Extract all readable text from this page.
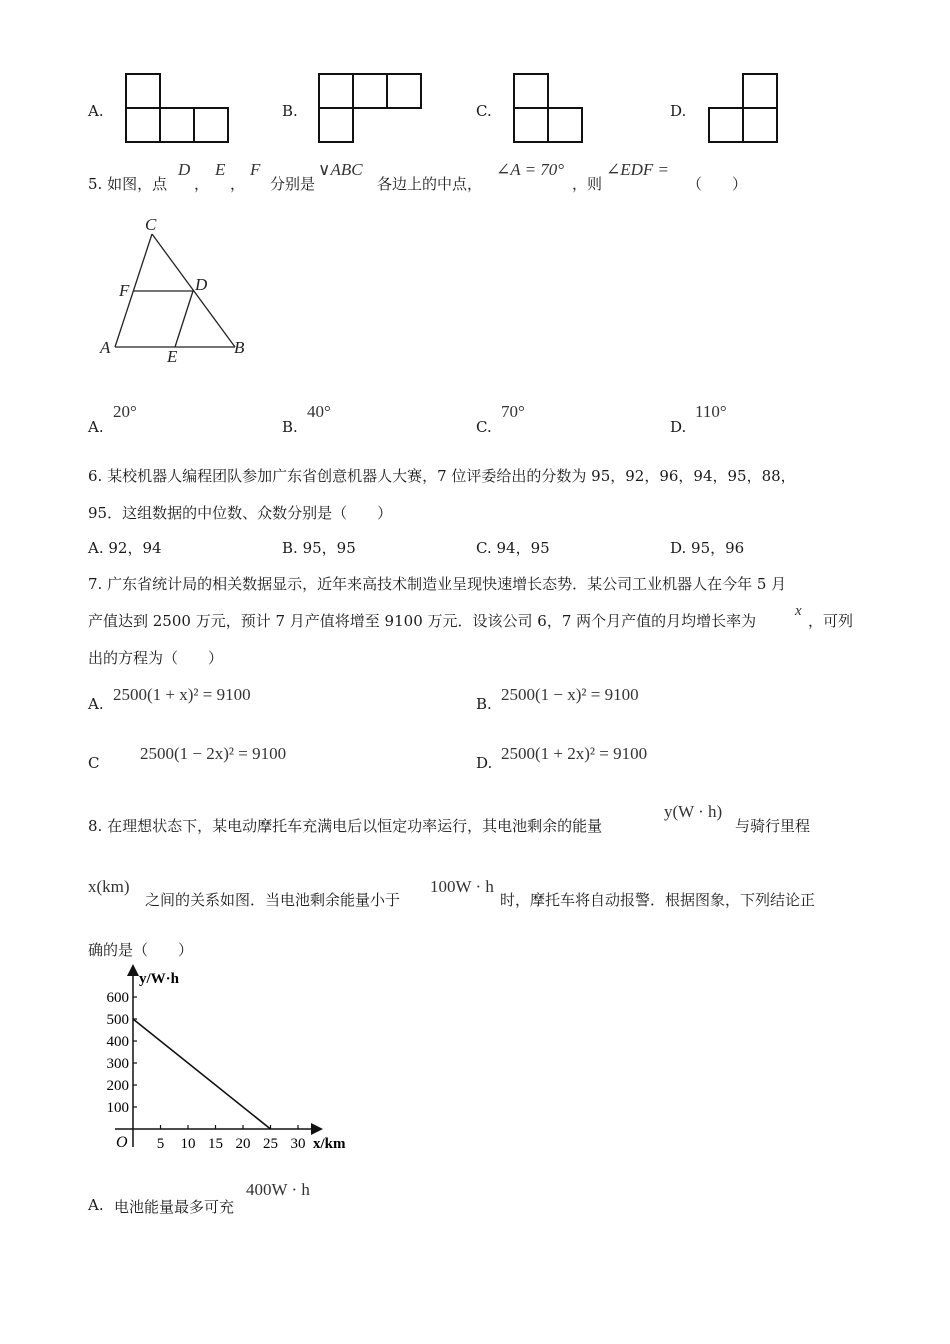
A.	B.	C.	D.
5. 如图，点
D
，
E
，
F
分别是
∨ABC
各边上的中点，
∠A = 70°
，则
∠EDF =
（　　）
C
F	D
A	E	B
A.
20°
B.
40°
C.
70°
D.
110°
6. 某校机器人编程团队参加广东省创意机器人大赛，7 位评委给出的分数为 95，92，96，94，95，88，
95．这组数据的中位数、众数分别是（　　）
A. 92，94	B. 95，95	C. 94，95	D. 95，96
7. 广东省统计局的相关数据显示，近年来高技术制造业呈现快速增长态势．某公司工业机器人在今年 5 月
产值达到 2500 万元，预计 7 月产值将增至 9100 万元．设该公司 6，7 两个月产值的月均增长率为
x
，可列
出的方程为（　　）
A. 2500(1 + x)² = 9100	B. 2500(1 − x)² = 9100
C 2500(1 − 2x)² = 9100	D. 2500(1 + 2x)² = 9100
8. 在理想状态下，某电动摩托车充满电后以恒定功率运行，其电池剩余的能量
y(W · h)
与骑行里程
x(km)
之间的关系如图．当电池剩余能量小于
100W · h
时，摩托车将自动报警．根据图象，下列结论正
确的是（　　）
y/W·h
x/km
O 5 10 15 20 25 30
100
200
300
400
500
600
A. 电池能量最多可充
400W · h
